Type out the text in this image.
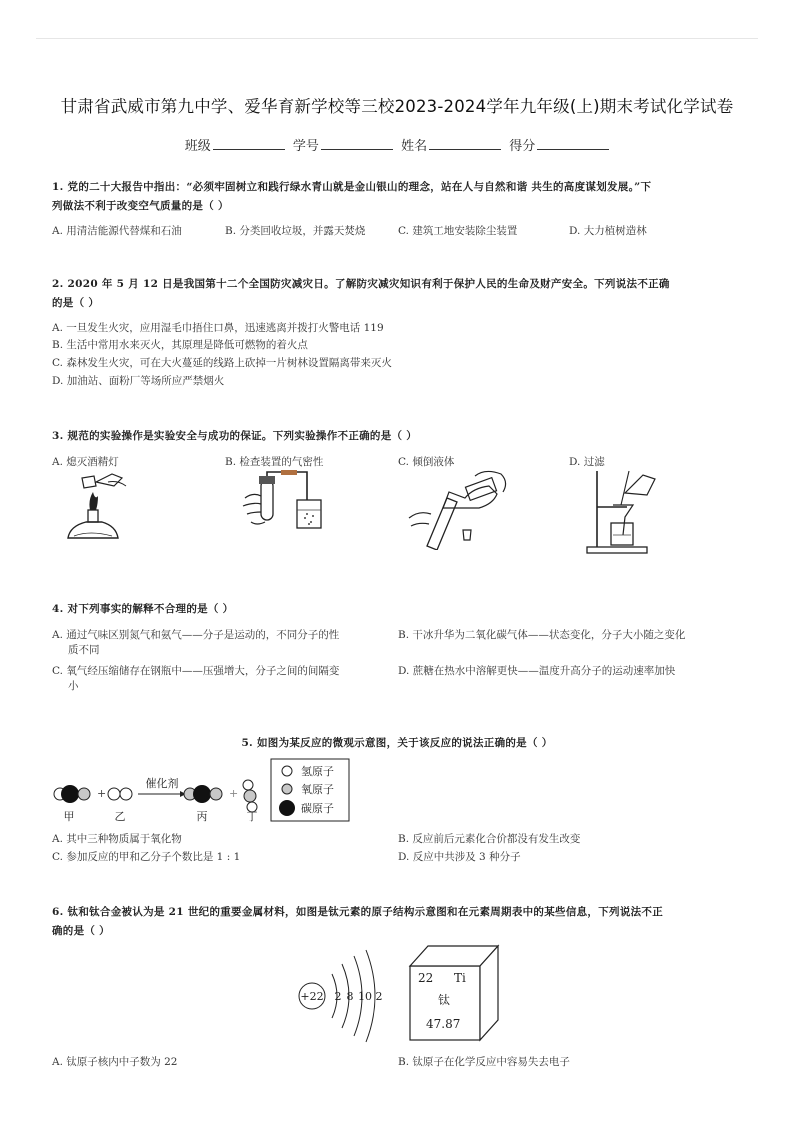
甘肃省武威市第九中学、爱华育新学校等三校2023-2024学年九年级(上)期末考试化学试卷
班级	学号	姓名	得分
1. 党的二十大报告中指出：“必须牢固树立和践行绿水青山就是金山银山的理念，站在人与自然和谐 共生的高度谋划发展。”下
列做法不利于改变空气质量的是（ ）
A. 用清洁能源代替煤和石油	B. 分类回收垃圾，并露天焚烧	C. 建筑工地安装除尘装置	D. 大力植树造林
2. 2020 年 5 月 12 日是我国第十二个全国防灾减灾日。了解防灾减灾知识有利于保护人民的生命及财产安全。下列说法不正确
的是（ ）
A. 一旦发生火灾，应用湿毛巾捂住口鼻，迅速逃离并拨打火警电话 119
B. 生活中常用水来灭火，其原理是降低可燃物的着火点
C. 森林发生火灾，可在大火蔓延的线路上砍掉一片树林设置隔离带来灭火
D. 加油站、面粉厂等场所应严禁烟火
3. 规范的实验操作是实验安全与成功的保证。下列实验操作不正确的是（ ）
A. 熄灭酒精灯	B. 检查装置的气密性	C. 倾倒液体	D. 过滤
4. 对下列事实的解释不合理的是（ ）
A. 通过气味区别氮气和氨气——分子是运动的，不同分子的性
质不同
B. 干冰升华为二氧化碳气体——状态变化，分子大小随之变化
C. 氧气经压缩储存在钢瓶中——压强增大，分子之间的间隔变
小
D. 蔗糖在热水中溶解更快——温度升高分子的运动速率加快
5. 如图为某反应的微观示意图，关于该反应的说法正确的是（ ）
+
催化剂
+
甲	乙	丙	丁
氢原子
氧原子
碳原子
A. 其中三种物质属于氧化物	B. 反应前后元素化合价都没有发生改变
C. 参加反应的甲和乙分子个数比是 1 : 1	D. 反应中共涉及 3 种分子
6. 钛和钛合金被认为是 21 世纪的重要金属材料，如图是钛元素的原子结构示意图和在元素周期表中的某些信息，下列说法不正
确的是（ ）
+22 2 8 10 2
22 Ti
钛
47.87
A. 钛原子核内中子数为 22	B. 钛原子在化学反应中容易失去电子
